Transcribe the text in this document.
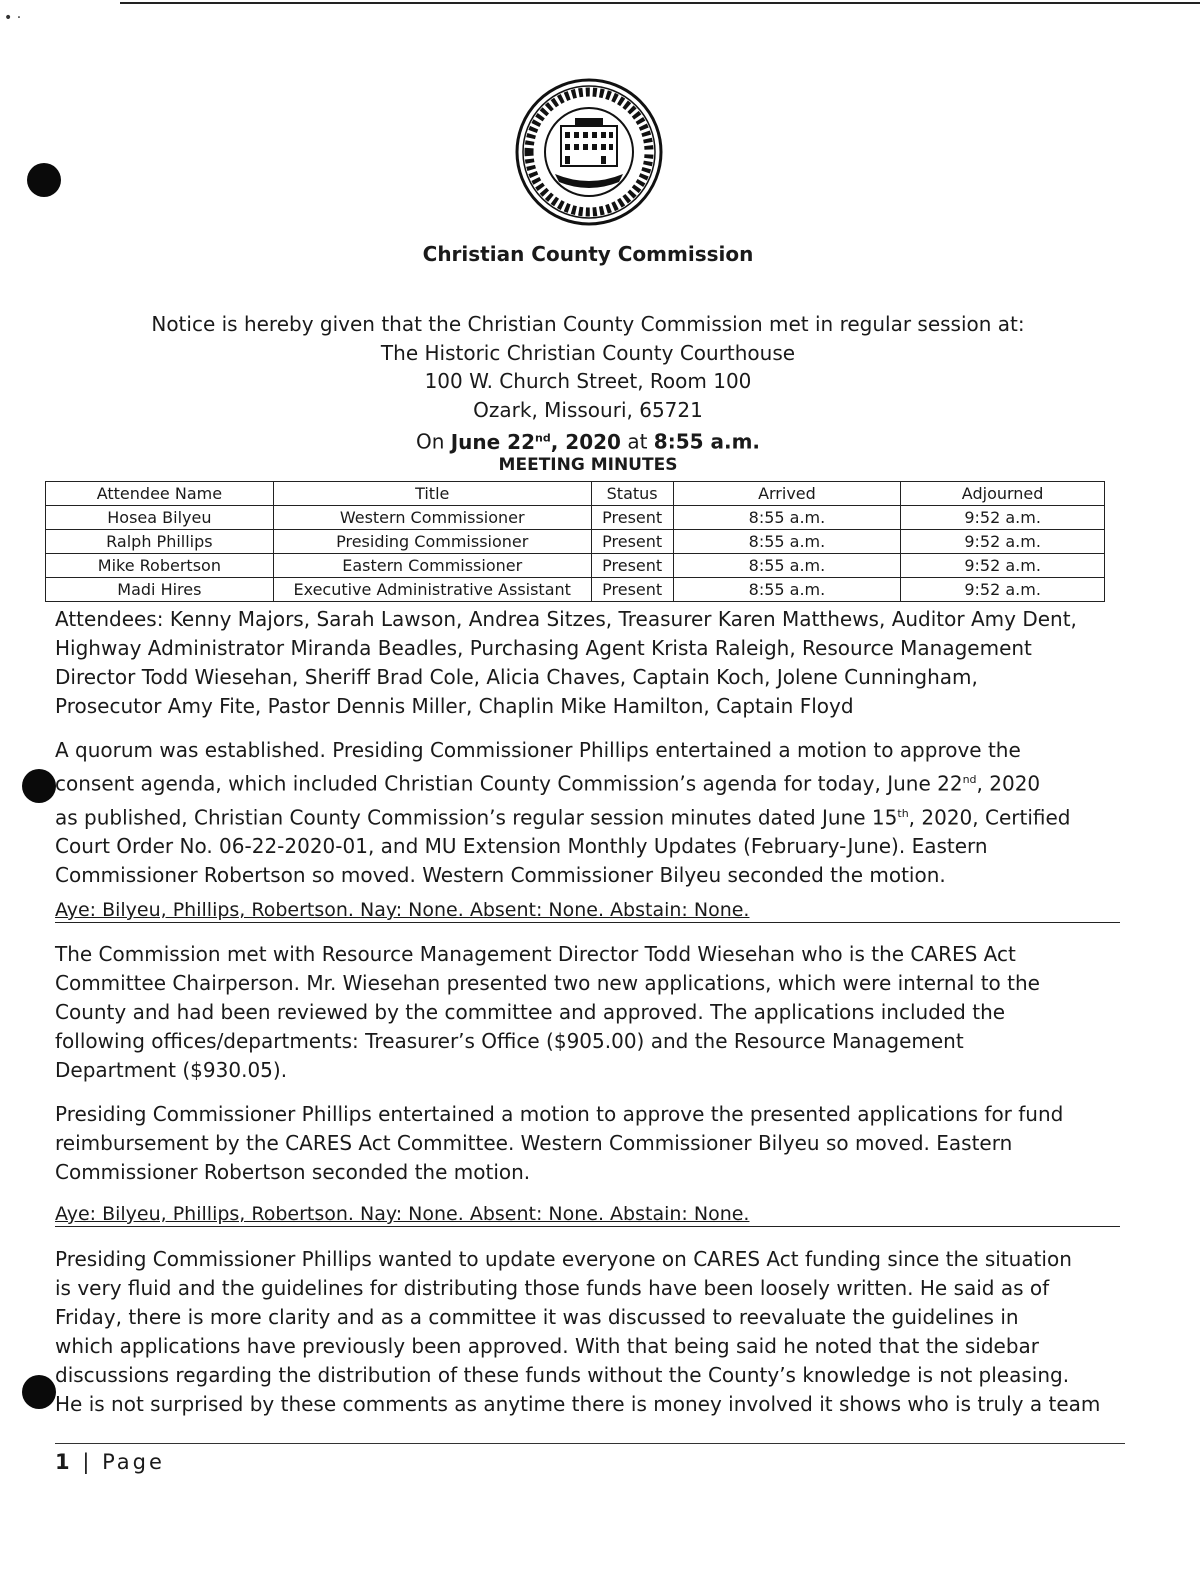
• ·
Christian County Commission
Notice is hereby given that the Christian County Commission met in regular session at:
The Historic Christian County Courthouse
100 W. Church Street, Room 100
Ozark, Missouri, 65721
On June 22nd, 2020 at 8:55 a.m.
MEETING MINUTES
Attendee Name	Title	Status	Arrived	Adjourned
Hosea Bilyeu	Western Commissioner	Present	8:55 a.m.	9:52 a.m.
Ralph Phillips	Presiding Commissioner	Present	8:55 a.m.	9:52 a.m.
Mike Robertson	Eastern Commissioner	Present	8:55 a.m.	9:52 a.m.
Madi Hires	Executive Administrative Assistant	Present	8:55 a.m.	9:52 a.m.
Attendees: Kenny Majors, Sarah Lawson, Andrea Sitzes, Treasurer Karen Matthews, Auditor Amy Dent,
Highway Administrator Miranda Beadles, Purchasing Agent Krista Raleigh, Resource Management
Director Todd Wiesehan, Sheriff Brad Cole, Alicia Chaves, Captain Koch, Jolene Cunningham,
Prosecutor Amy Fite, Pastor Dennis Miller, Chaplin Mike Hamilton, Captain Floyd
A quorum was established. Presiding Commissioner Phillips entertained a motion to approve the
consent agenda, which included Christian County Commission’s agenda for today, June 22nd, 2020
as published, Christian County Commission’s regular session minutes dated June 15th, 2020, Certified
Court Order No. 06-22-2020-01, and MU Extension Monthly Updates (February-June). Eastern
Commissioner Robertson so moved. Western Commissioner Bilyeu seconded the motion.
Aye: Bilyeu, Phillips, Robertson. Nay: None. Absent: None. Abstain: None.
The Commission met with Resource Management Director Todd Wiesehan who is the CARES Act
Committee Chairperson. Mr. Wiesehan presented two new applications, which were internal to the
County and had been reviewed by the committee and approved. The applications included the
following offices/departments: Treasurer’s Office ($905.00) and the Resource Management
Department ($930.05).
Presiding Commissioner Phillips entertained a motion to approve the presented applications for fund
reimbursement by the CARES Act Committee. Western Commissioner Bilyeu so moved. Eastern
Commissioner Robertson seconded the motion.
Aye: Bilyeu, Phillips, Robertson. Nay: None. Absent: None. Abstain: None.
Presiding Commissioner Phillips wanted to update everyone on CARES Act funding since the situation
is very fluid and the guidelines for distributing those funds have been loosely written. He said as of
Friday, there is more clarity and as a committee it was discussed to reevaluate the guidelines in
which applications have previously been approved. With that being said he noted that the sidebar
discussions regarding the distribution of these funds without the County’s knowledge is not pleasing.
He is not surprised by these comments as anytime there is money involved it shows who is truly a team
1 | Page
